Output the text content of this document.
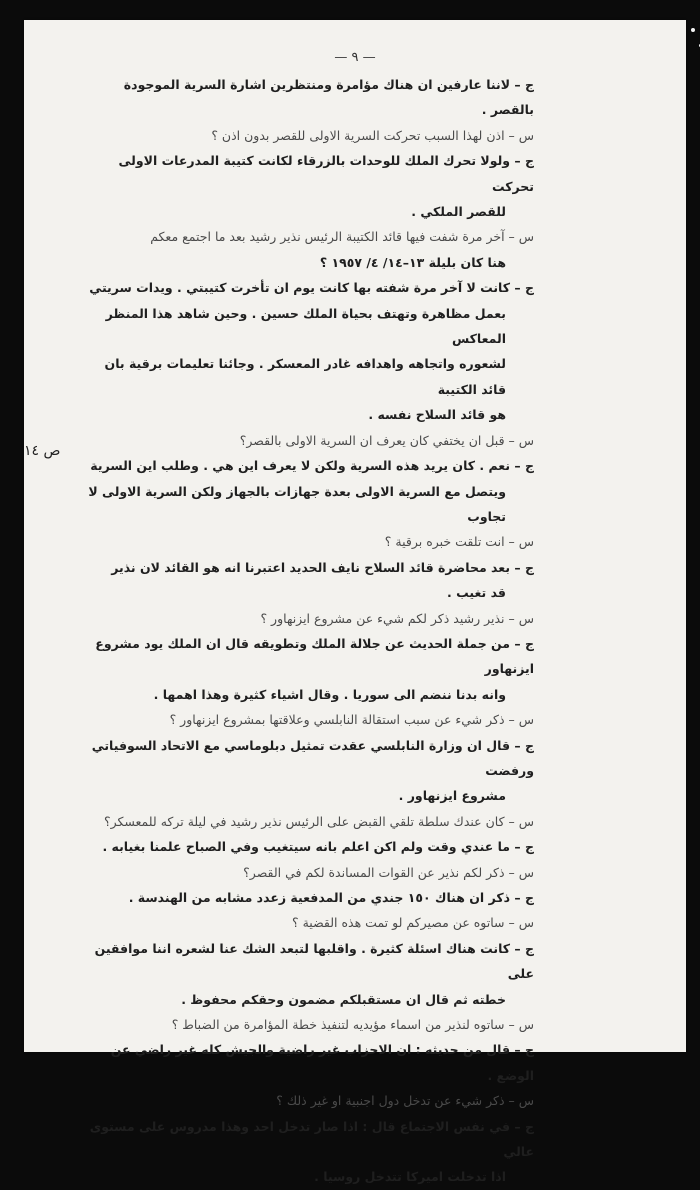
— ٩ —
ص ١٤

ج – لاننا عارفين ان هناك مؤامرة ومنتظرين اشارة السرية الموجودة بالقصر .

س – اذن لهذا السبب تحركت السرية الاولى للقصر بدون اذن ؟

ج – ولولا تحرك الملك للوحدات بالزرقاء لكانت كتيبة المدرعات الاولى تحركت

للقصر الملكي .

س – آخر مرة شفت فيها قائد الكتيبة الرئيس نذير رشيد بعد ما اجتمع معكم

هنا كان بليلة ١٣–١٤/ ٤/ ١٩٥٧ ؟

ج – كانت لا آخر مرة شفته بها كانت يوم ان تأخرت كتيبتي . ويدات سريتي

بعمل مظاهرة وتهتف بحياة الملك حسين . وحين شاهد هذا المنظر المعاكس

لشعوره واتجاهه واهدافه غادر المعسكر . وجائنا تعليمات برقية بان قائد الكتيبة

هو قائد السلاح نفسه .

س – قبل ان يختفي كان يعرف ان السرية الاولى بالقصر؟

ج – نعم . كان يريد هذه السرية ولكن لا يعرف اين هي . وطلب اين السرية

ويتصل مع السرية الاولى بعدة جهازات بالجهاز ولكن السرية الاولى لا تجاوب

س – انت تلقت خبره برقية ؟

ج – بعد محاضرة قائد السلاح نايف الحديد اعتبرنا انه هو القائد لان نذير

قد تغيب .

س – نذير رشيد ذكر لكم شيء عن مشروع ايزنهاور ؟

ج – من جملة الحديث عن جلالة الملك وتطويقه قال ان الملك يود مشروع ايزنهاور

وانه بدنا ننضم الى سوريا . وقال اشياء كثيرة وهذا اهمها .

س – ذكر شيء عن سبب استقالة النابلسي وعلاقتها بمشروع ايزنهاور ؟

ج – قال ان وزارة النابلسي عقدت تمثيل دبلوماسي مع الاتحاد السوفياتي ورفضت

مشروع ايزنهاور .

س – كان عندك سلطة تلقي القبض على الرئيس نذير رشيد في ليلة تركه للمعسكر؟

ج – ما عندي وقت ولم اكن اعلم بانه سيتغيب وفي الصباح علمنا بغيابه .

س – ذكر لكم نذير عن القوات المساندة لكم في القصر؟

ج – ذكر ان هناك ١٥٠ جندي من المدفعية زعدد مشابه من الهندسة .

س – ساتوه عن مصيركم لو تمت هذه القضية ؟

ج – كانت هناك اسئلة كثيرة . واقلبها لتبعد الشك عنا لشعره اننا موافقين على

خطته ثم قال ان مستقبلكم مضمون وحقكم محفوظ .

س – ساتوه لنذير من اسماء مؤيديه لتنفيذ خطة المؤامرة من الضباط ؟

ج – قال من حديثه : ان الاحزاب غير راضية والجيش كله غير راضي عن الوضع .

س – ذكر شيء عن تدخل دول اجنبية او غير ذلك ؟

ج – في نفس الاجتماع قال : اذا صار تدخل احد وهذا مدروس على مستوى عالي

اذا تدخلت اميركا تتدخل روسيا .
